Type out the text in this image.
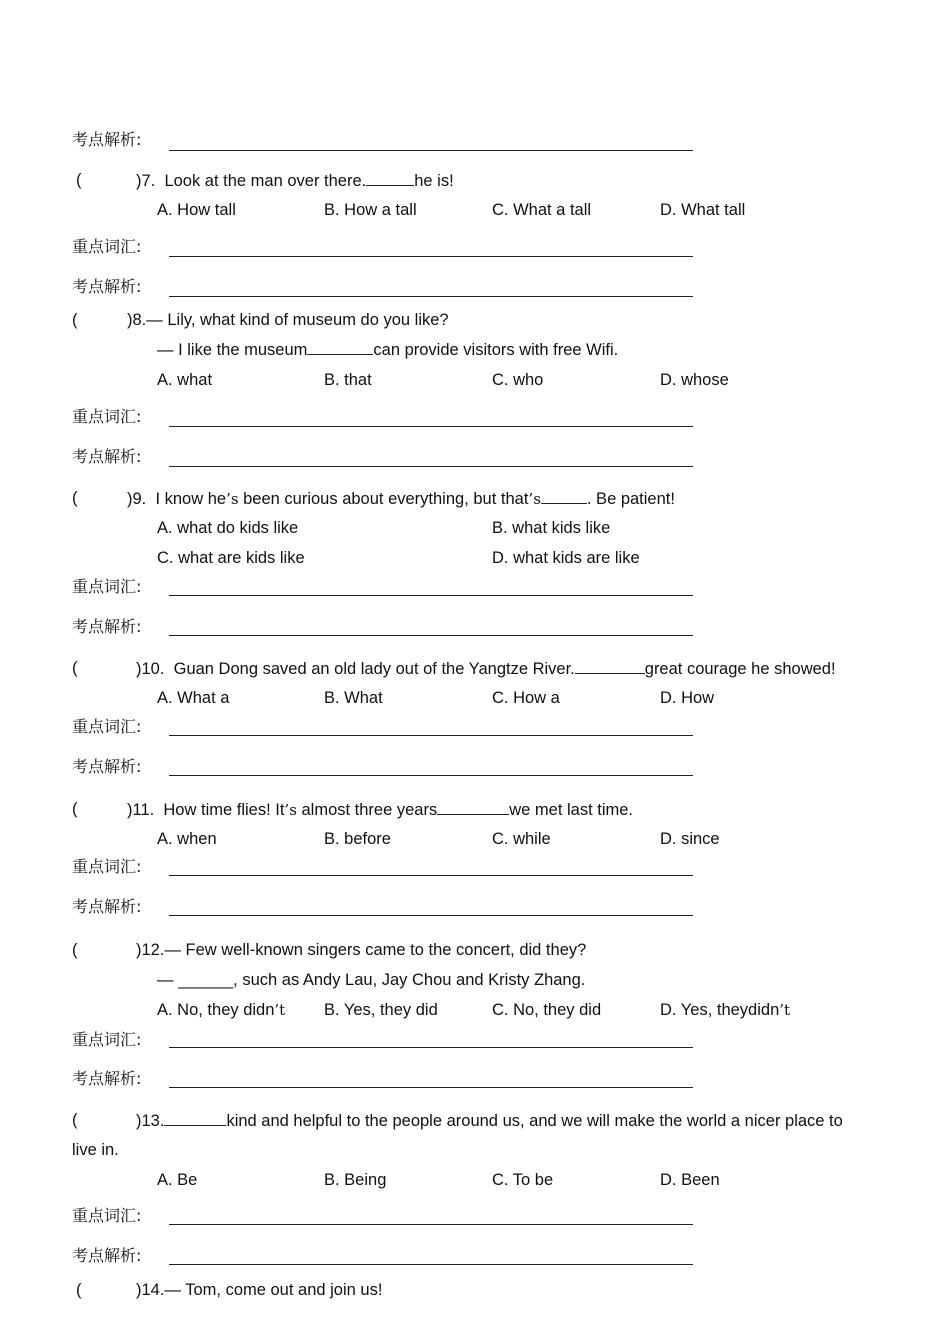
考点解析:
(	)7. Look at the man over there.	he is!
A. How tall	B. How a tall	C. What a tall	D. What tall
重点词汇:
考点解析:
(	)8.— Lily, what kind of museum do you like?
— I like the museum	can provide visitors with free Wifi.
A. what	B. that	C. who	D. whose
重点词汇:
考点解析:
(	)9. I know he’s been curious about everything, but that’s	. Be patient!
A. what do kids like	B. what kids like
C. what are kids like	D. what kids are like
重点词汇:
考点解析:
(	)10. Guan Dong saved an old lady out of the Yangtze River.	great courage he showed!
A. What a	B. What	C. How a	D. How
重点词汇:
考点解析:
(	)11. How time flies! It’s almost three years	we met last time.
A. when	B. before	C. while	D. since
重点词汇:
考点解析:
(	)12.— Few well-known singers came to the concert, did they?
— ______, such as Andy Lau, Jay Chou and Kristy Zhang.
A. No, they didn’t B. Yes, they did	C. No, they did	D. Yes, theydidn’t
重点词汇:
考点解析:
(	)13.	kind and helpful to the people around us, and we will make the world a nicer place to
live in.
A. Be	B. Being	C. To be	D. Been
重点词汇:
考点解析:
(	)14.— Tom, come out and join us!
